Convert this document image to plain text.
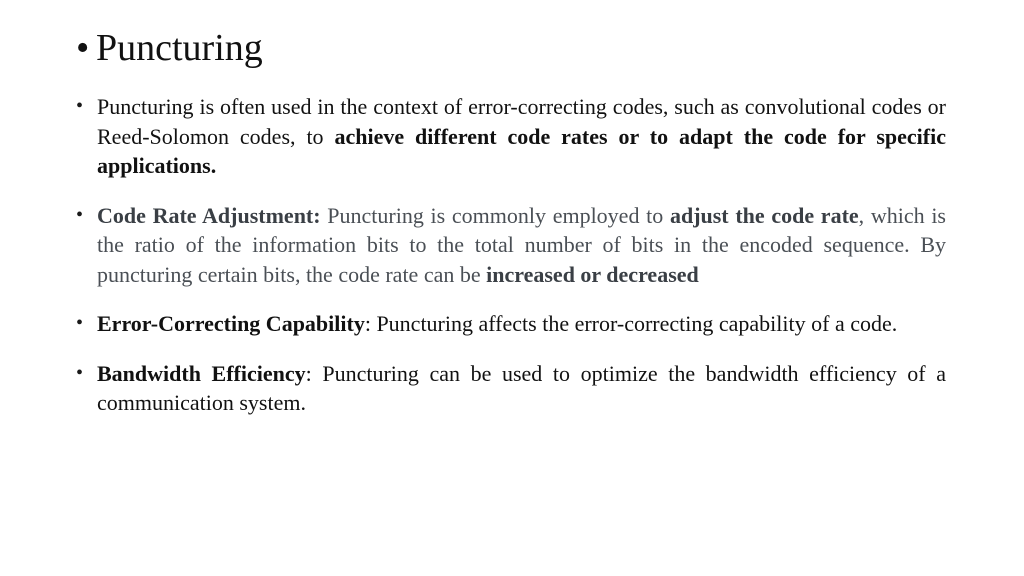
• Puncturing
• Puncturing is often used in the context of error-correcting codes, such as convolutional codes or Reed-Solomon codes, to achieve different code rates or to adapt the code for specific applications.
• Code Rate Adjustment: Puncturing is commonly employed to adjust the code rate, which is the ratio of the information bits to the total number of bits in the encoded sequence. By puncturing certain bits, the code rate can be increased or decreased
• Error-Correcting Capability: Puncturing affects the error-correcting capability of a code.
• Bandwidth Efficiency: Puncturing can be used to optimize the bandwidth efficiency of a communication system.
